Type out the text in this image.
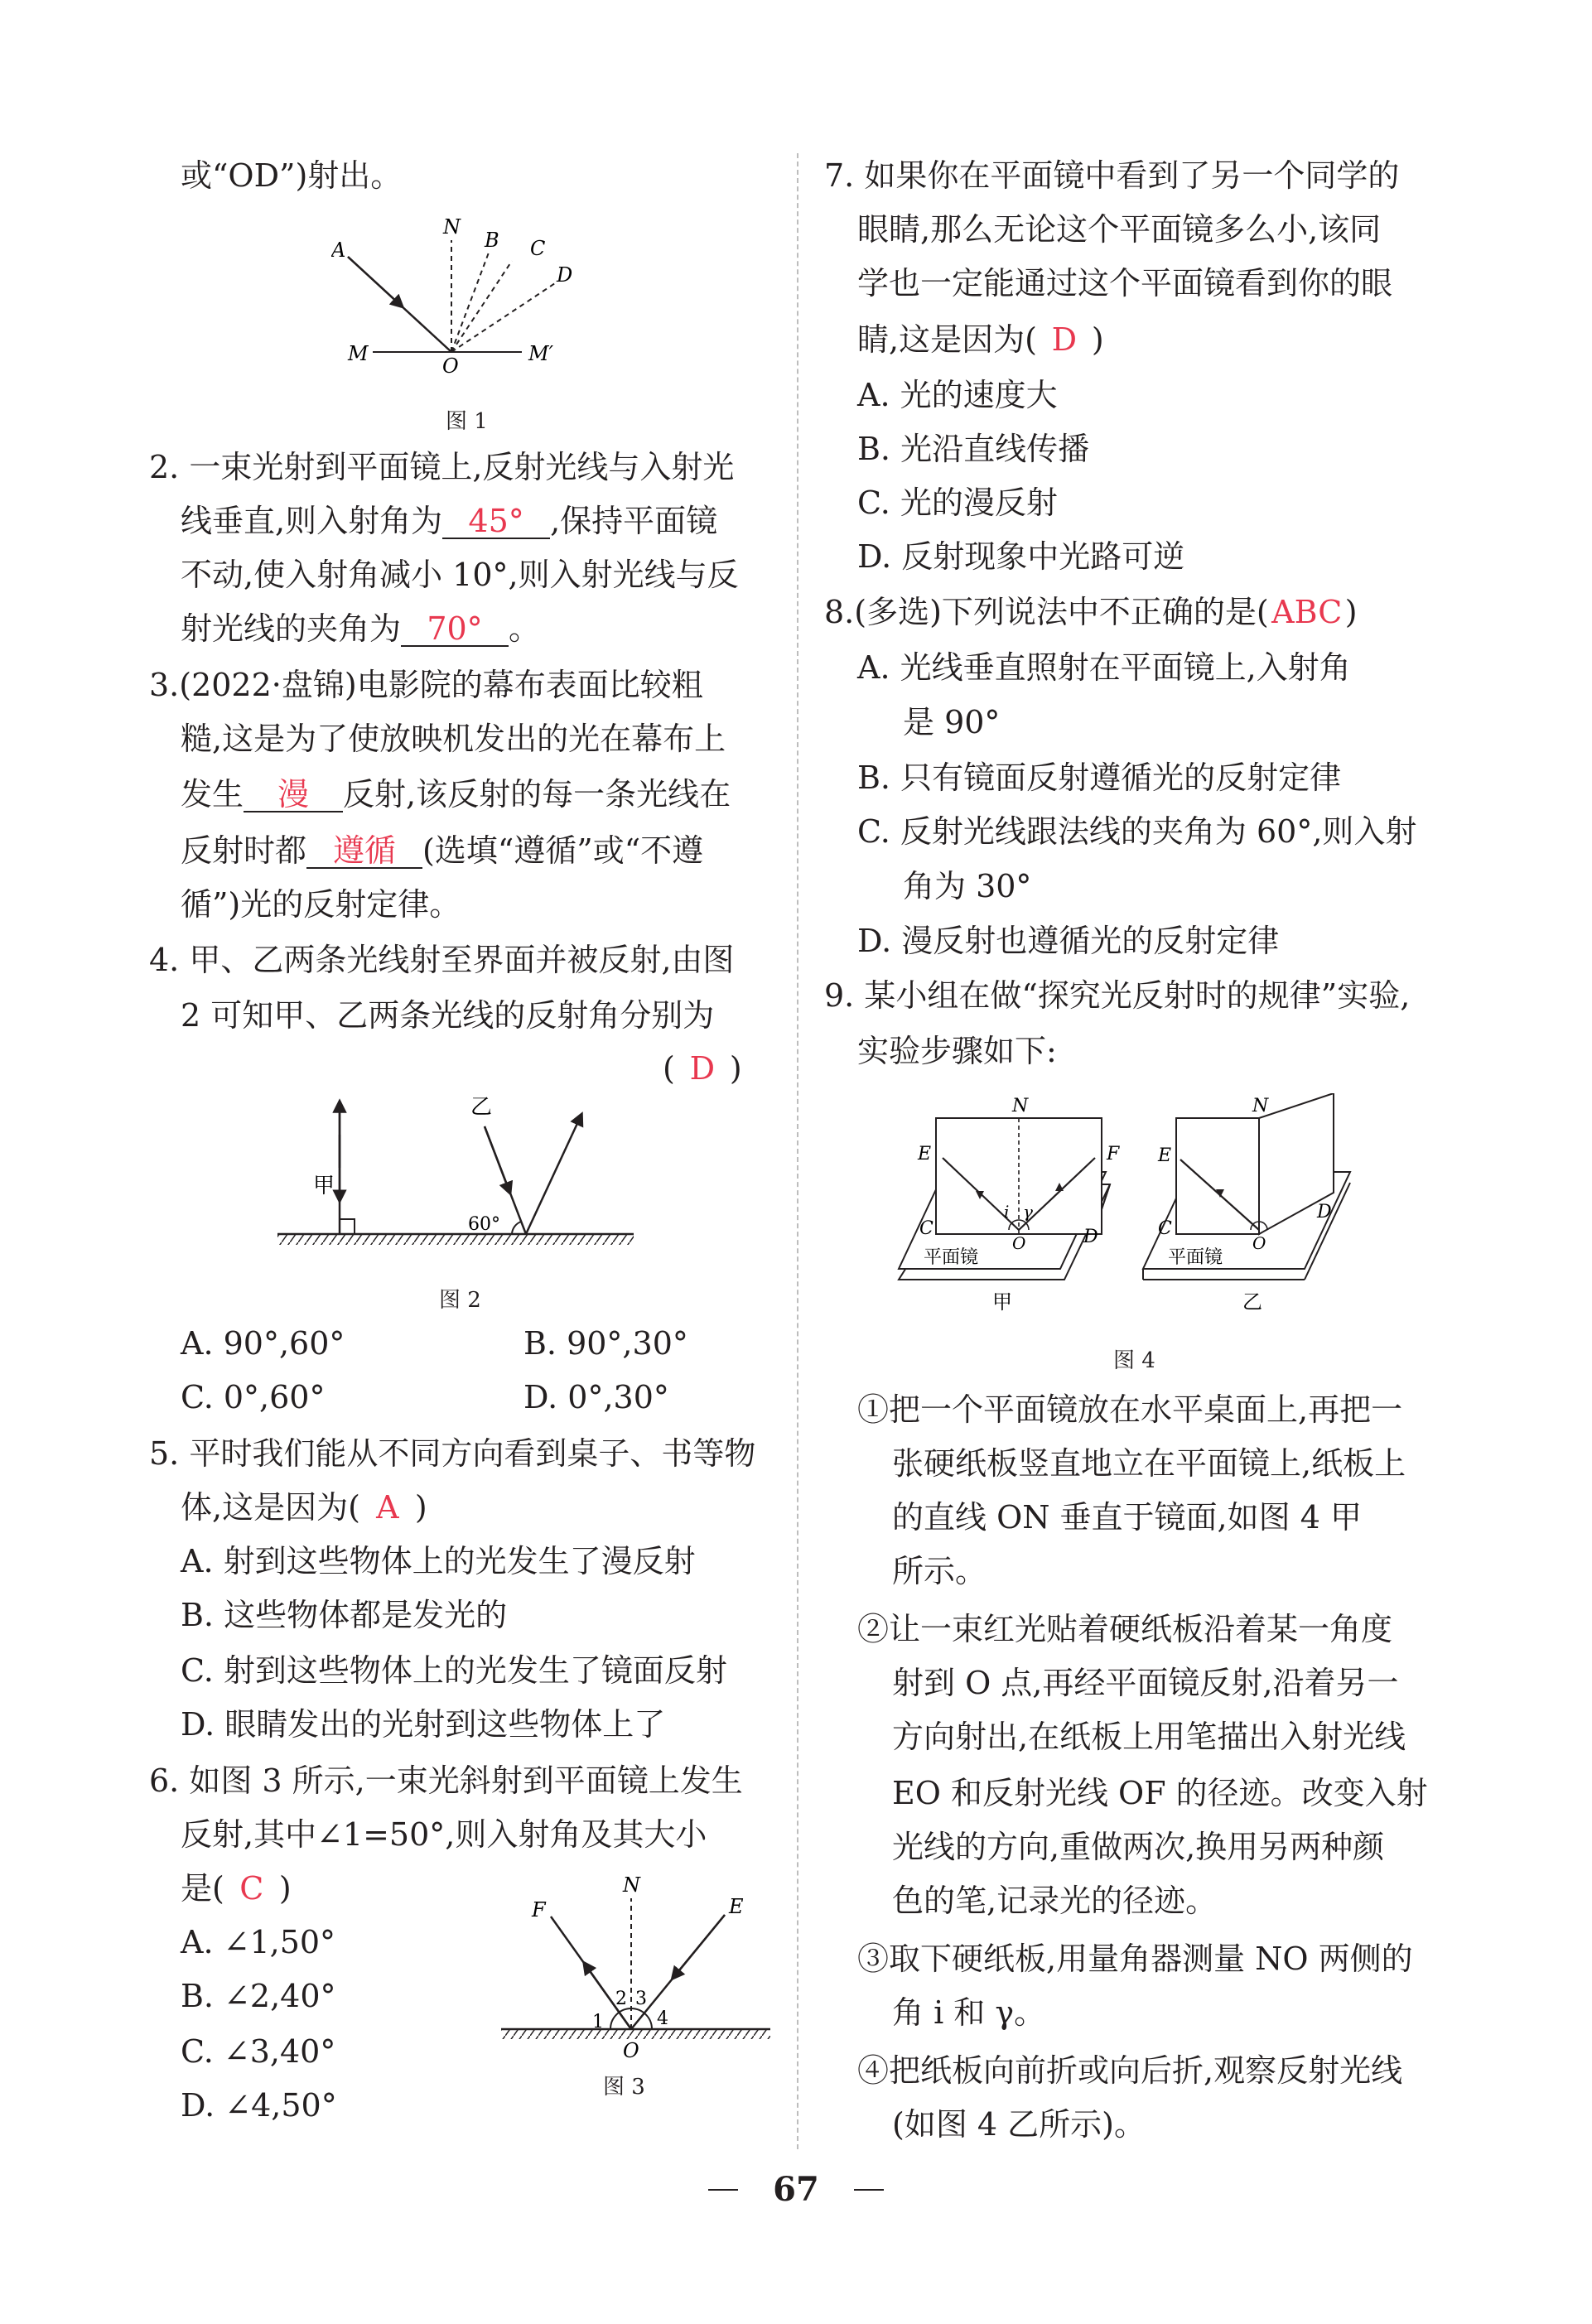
或“OD”)射出。
A
N
B C
D
M
O
M′
图 1
2. 一束光射到平面镜上,反射光线与入射光
线垂直,则入射角为 45° ,保持平面镜
不动,使入射角减小 10°,则入射光线与反
射光线的夹角为 70° 。
3.(2022·盘锦)电影院的幕布表面比较粗
糙,这是为了使放映机发出的光在幕布上
发生 漫 反射,该反射的每一条光线在
反射时都 遵循 (选填“遵循”或“不遵
循”)光的反射定律。
4. 甲、乙两条光线射至界面并被反射,由图
2 可知甲、乙两条光线的反射角分别为
( D )
甲
乙
60°
图 2
A. 90°,60°	B. 90°,30°
C. 0°,60°	D. 0°,30°
5. 平时我们能从不同方向看到桌子、书等物
体,这是因为( A )
A. 射到这些物体上的光发生了漫反射
B. 这些物体都是发光的
C. 射到这些物体上的光发生了镜面反射
D. 眼睛发出的光射到这些物体上了
6. 如图 3 所示,一束光斜射到平面镜上发生
反射,其中∠1=50°,则入射角及其大小
是( C )
A. ∠1,50°
B. ∠2,40°
C. ∠3,40°
D. ∠4,50°
F
N
E
1
2 3
4
O
图 3
7. 如果你在平面镜中看到了另一个同学的
眼睛,那么无论这个平面镜多么小,该同
学也一定能通过这个平面镜看到你的眼
睛,这是因为( D )
A. 光的速度大
B. 光沿直线传播
C. 光的漫反射
D. 反射现象中光路可逆
8.(多选)下列说法中不正确的是(ABC)
A. 光线垂直照射在平面镜上,入射角
是 90°
B. 只有镜面反射遵循光的反射定律
C. 反射光线跟法线的夹角为 60°,则入射
角为 30°
D. 漫反射也遵循光的反射定律
9. 某小组在做“探究光反射时的规律”实验,
实验步骤如下:
N
E	F
C	D
O
i γ
平面镜
甲
N
E
C
D
O
平面镜
乙
图 4
①把一个平面镜放在水平桌面上,再把一
张硬纸板竖直地立在平面镜上,纸板上
的直线 ON 垂直于镜面,如图 4 甲
所示。
②让一束红光贴着硬纸板沿着某一角度
射到 O 点,再经平面镜反射,沿着另一
方向射出,在纸板上用笔描出入射光线
EO 和反射光线 OF 的径迹。改变入射
光线的方向,重做两次,换用另两种颜
色的笔,记录光的径迹。
③取下硬纸板,用量角器测量 NO 两侧的
角 i 和 γ。
④把纸板向前折或向后折,观察反射光线
(如图 4 乙所示)。
67
